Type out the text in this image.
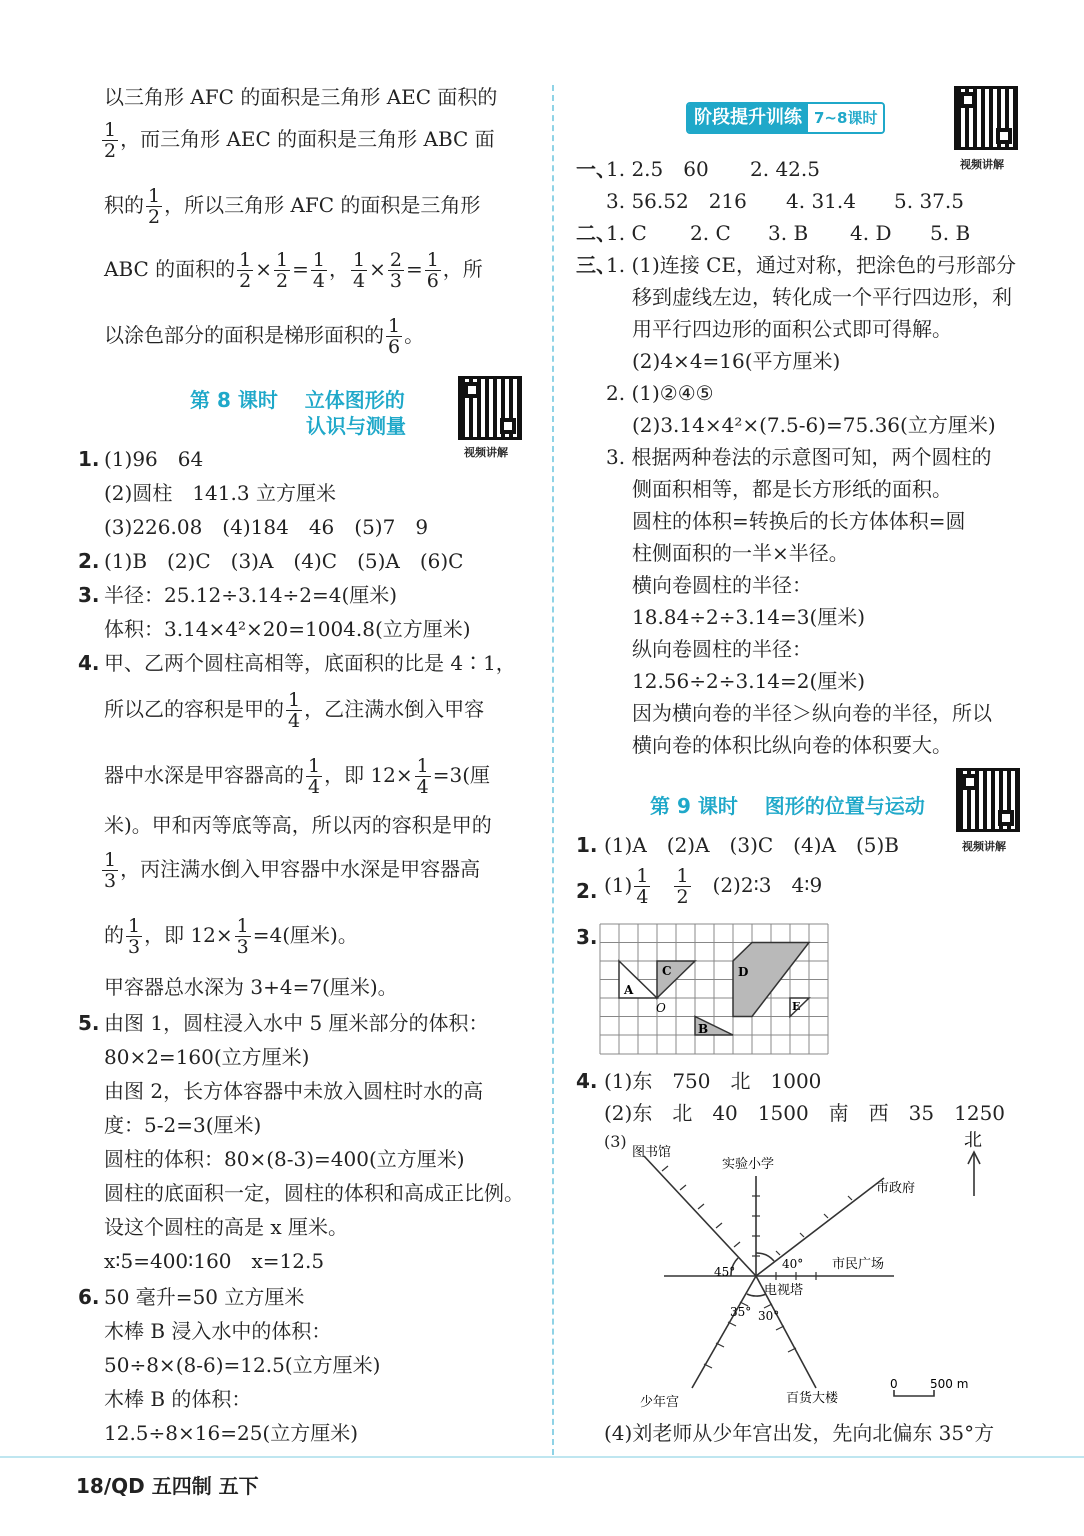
以三角形 AFC 的面积是三角形 AEC 面积的
$\frac{1}{2}$ ，而三角形 AEC 的面积是三角形 ABC 面
积的 $\frac{1}{2}$ ，所以三角形 AFC 的面积是三角形
ABC 的面积的 $\frac{1}{2} \times \frac{1}{2} = \frac{1}{4}$ ， $\frac{1}{4} \times \frac{2}{3} = \frac{1}{6}$ ，所
以涂色部分的面积是梯形面积的 $\frac{1}{6}$ 。
第 8 课时　 立体图形的
认识与测量
视频讲解
1. (1)96　64
(2)圆柱　141.3 立方厘米
(3)226.08　(4)184　46　(5)7　9
2. (1)B　(2)C　(3)A　(4)C　(5)A　(6)C
3. 半径：25.12÷3.14÷2=4(厘米)
体积：3.14×4²×20=1004.8(立方厘米)
4. 甲、乙两个圆柱高相等，底面积的比是 4∶1，
所以乙的容积是甲的 $\frac{1}{4}$ ，乙注满水倒入甲容
器中水深是甲容器高的 $\frac{1}{4}$ ，即 $12\times \frac{1}{4} =3$(厘
米)。甲和丙等底等高，所以丙的容积是甲的
$\frac{1}{3}$ ，丙注满水倒入甲容器中水深是甲容器高
的 $\frac{1}{3}$ ，即 $12\times \frac{1}{3} =4$(厘米)。
甲容器总水深为 3+4=7(厘米)。
5. 由图 1，圆柱浸入水中 5 厘米部分的体积：
80×2=160(立方厘米)
由图 2，长方体容器中未放入圆柱时水的高
度：5-2=3(厘米)
圆柱的体积：80×(8-3)=400(立方厘米)
圆柱的底面积一定，圆柱的体积和高成正比例。
设这个圆柱的高是 x 厘米。
x∶5=400∶160　x=12.5
6. 50 毫升=50 立方厘米
木棒 B 浸入水中的体积：
50÷8×(8-6)=12.5(立方厘米)
木棒 B 的体积：
12.5÷8×16=25(立方厘米)
阶段提升训练 7~8课时
视频讲解
一、
1. 2.5　60 2. 42.5
3. 56.52　216 4. 31.4 5. 37.5
二、
1. C 2. C 3. B 4. D 5. B
三、
1. (1)连接 CE，通过对称，把涂色的弓形部分
移到虚线左边，转化成一个平行四边形，利
用平行四边形的面积公式即可得解。
(2)4×4=16(平方厘米)
2. (1)②④⑤
(2)3.14×4²×(7.5-6)=75.36(立方厘米)
3. 根据两种卷法的示意图可知，两个圆柱的
侧面积相等，都是长方形纸的面积。
圆柱的体积=转换后的长方体体积=圆
柱侧面积的一半×半径。
横向卷圆柱的半径：
18.84÷2÷3.14=3(厘米)
纵向卷圆柱的半径：
12.56÷2÷3.14=2(厘米)
因为横向卷的半径＞纵向卷的半径，所以
横向卷的体积比纵向卷的体积要大。
第 9 课时　 图形的位置与运动
视频讲解
1. (1)A　(2)A　(3)C　(4)A　(5)B
2. $(1) \frac{1}{4} \frac{1}{2}$ (2)2∶3　4∶9
3.
A
C
O
D
B
E
4. (1)东　750　北　1000
(2)东　北　40　1500　南　西　35　1250
(3)	北
图书馆
实验小学
市政府
市民广场
电视塔
少年宫	百货大楼
45°
40°
35° 30°
0	500 m
(4)刘老师从少年宫出发，先向北偏东 35°方
18/QD 五四制 五下
